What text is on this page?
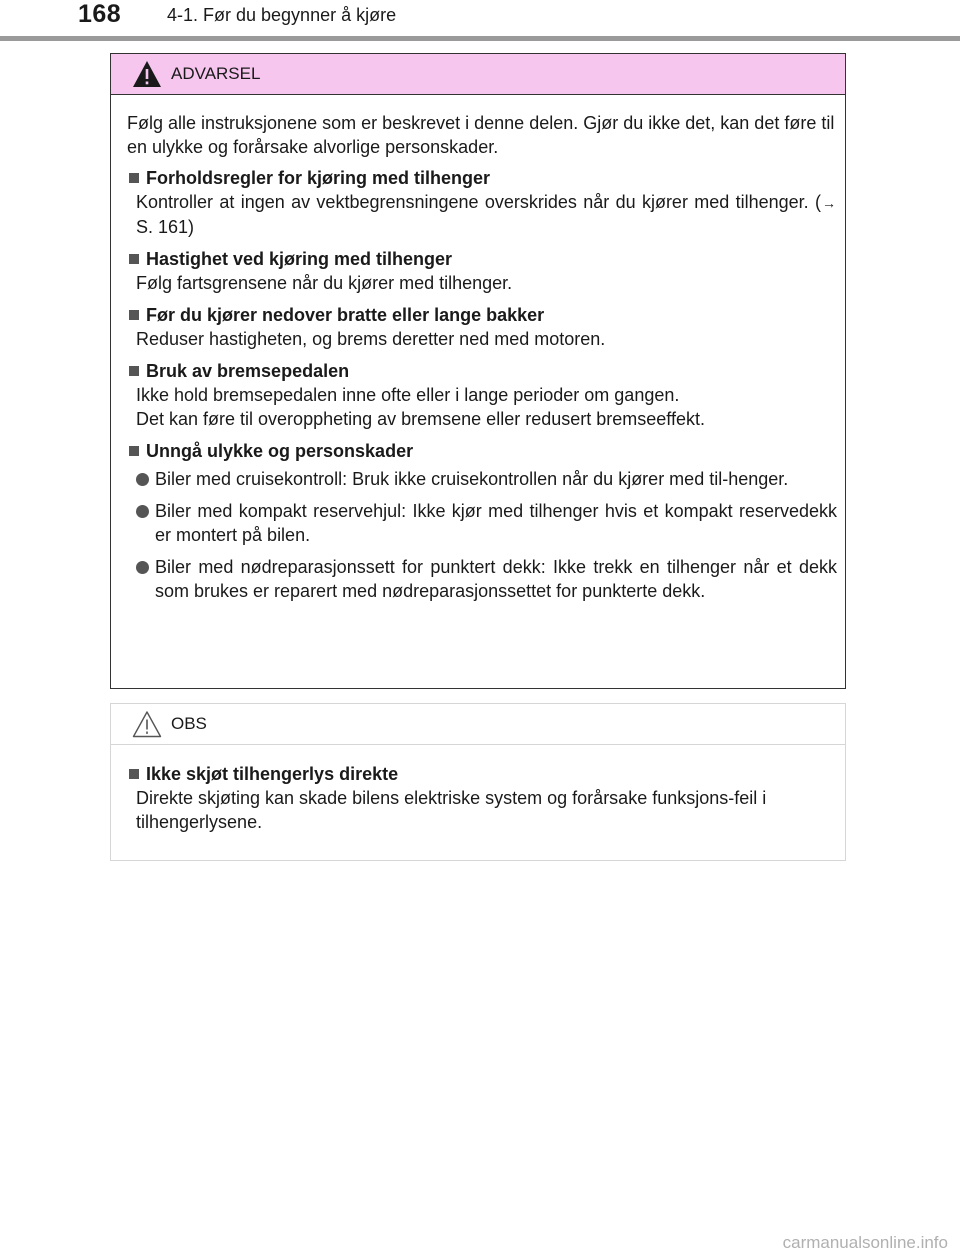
168	4-1. Før du begynner å kjøre
ADVARSEL

Følg alle instruksjonene som er beskrevet i denne delen. Gjør du ikke det, kan det føre til en ulykke og forårsake alvorlige personskader.

Forholdsregler for kjøring med tilhenger

Kontroller at ingen av vektbegrensningene overskrides når du kjører med tilhenger. (→S. 161)

Hastighet ved kjøring med tilhenger

Følg fartsgrensene når du kjører med tilhenger.

Før du kjører nedover bratte eller lange bakker

Reduser hastigheten, og brems deretter ned med motoren.

Bruk av bremsepedalen

Ikke hold bremsepedalen inne ofte eller i lange perioder om gangen.

Det kan føre til overoppheting av bremsene eller redusert bremseeffekt.

Unngå ulykke og personskader
Biler med cruisekontroll: Bruk ikke cruisekontrollen når du kjører med til-henger.
Biler med kompakt reservehjul: Ikke kjør med tilhenger hvis et kompakt reservedekk er montert på bilen.
Biler med nødreparasjonssett for punktert dekk: Ikke trekk en tilhenger når et dekk som brukes er reparert med nødreparasjonssettet for punkterte dekk.
OBS
Ikke skjøt tilhengerlys direkte

Direkte skjøting kan skade bilens elektriske system og forårsake funksjons-feil i tilhengerlysene.

carmanualsonline.info
